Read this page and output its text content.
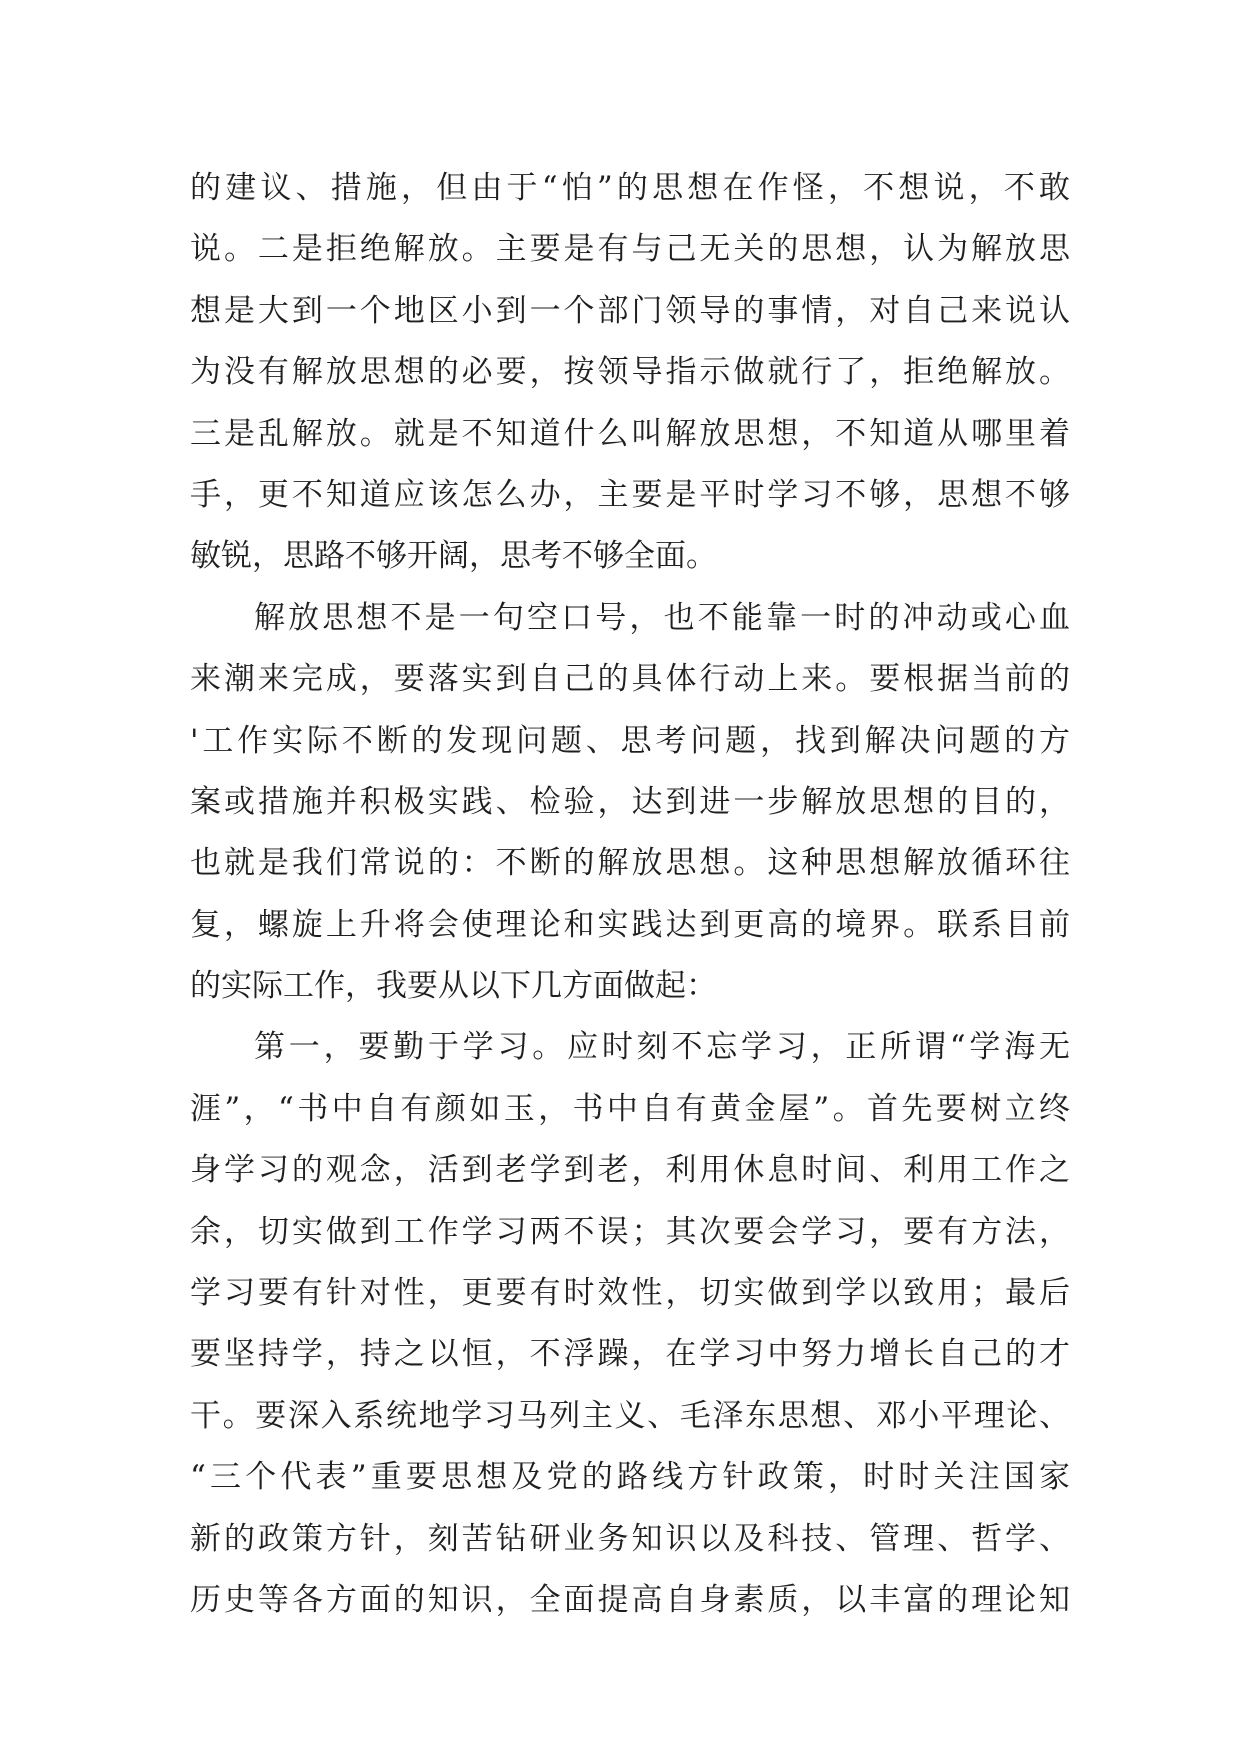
的建议、措施，但由于“怕”的思想在作怪，不想说，不敢
说。二是拒绝解放。主要是有与己无关的思想，认为解放思
想是大到一个地区小到一个部门领导的事情，对自己来说认
为没有解放思想的必要，按领导指示做就行了，拒绝解放。
三是乱解放。就是不知道什么叫解放思想，不知道从哪里着
手，更不知道应该怎么办，主要是平时学习不够，思想不够
敏锐，思路不够开阔，思考不够全面。
解放思想不是一句空口号，也不能靠一时的冲动或心血
来潮来完成，要落实到自己的具体行动上来。要根据当前的
'工作实际不断的发现问题、思考问题，找到解决问题的方
案或措施并积极实践、检验，达到进一步解放思想的目的，
也就是我们常说的：不断的解放思想。这种思想解放循环往
复，螺旋上升将会使理论和实践达到更高的境界。联系目前
的实际工作，我要从以下几方面做起：
第一，要勤于学习。应时刻不忘学习，正所谓“学海无
涯”，“书中自有颜如玉，书中自有黄金屋”。首先要树立终
身学习的观念，活到老学到老，利用休息时间、利用工作之
余，切实做到工作学习两不误；其次要会学习，要有方法，
学习要有针对性，更要有时效性，切实做到学以致用；最后
要坚持学，持之以恒，不浮躁，在学习中努力增长自己的才
干。要深入系统地学习马列主义、毛泽东思想、邓小平理论、
“三个代表”重要思想及党的路线方针政策，时时关注国家
新的政策方针，刻苦钻研业务知识以及科技、管理、哲学、
历史等各方面的知识，全面提高自身素质，以丰富的理论知
